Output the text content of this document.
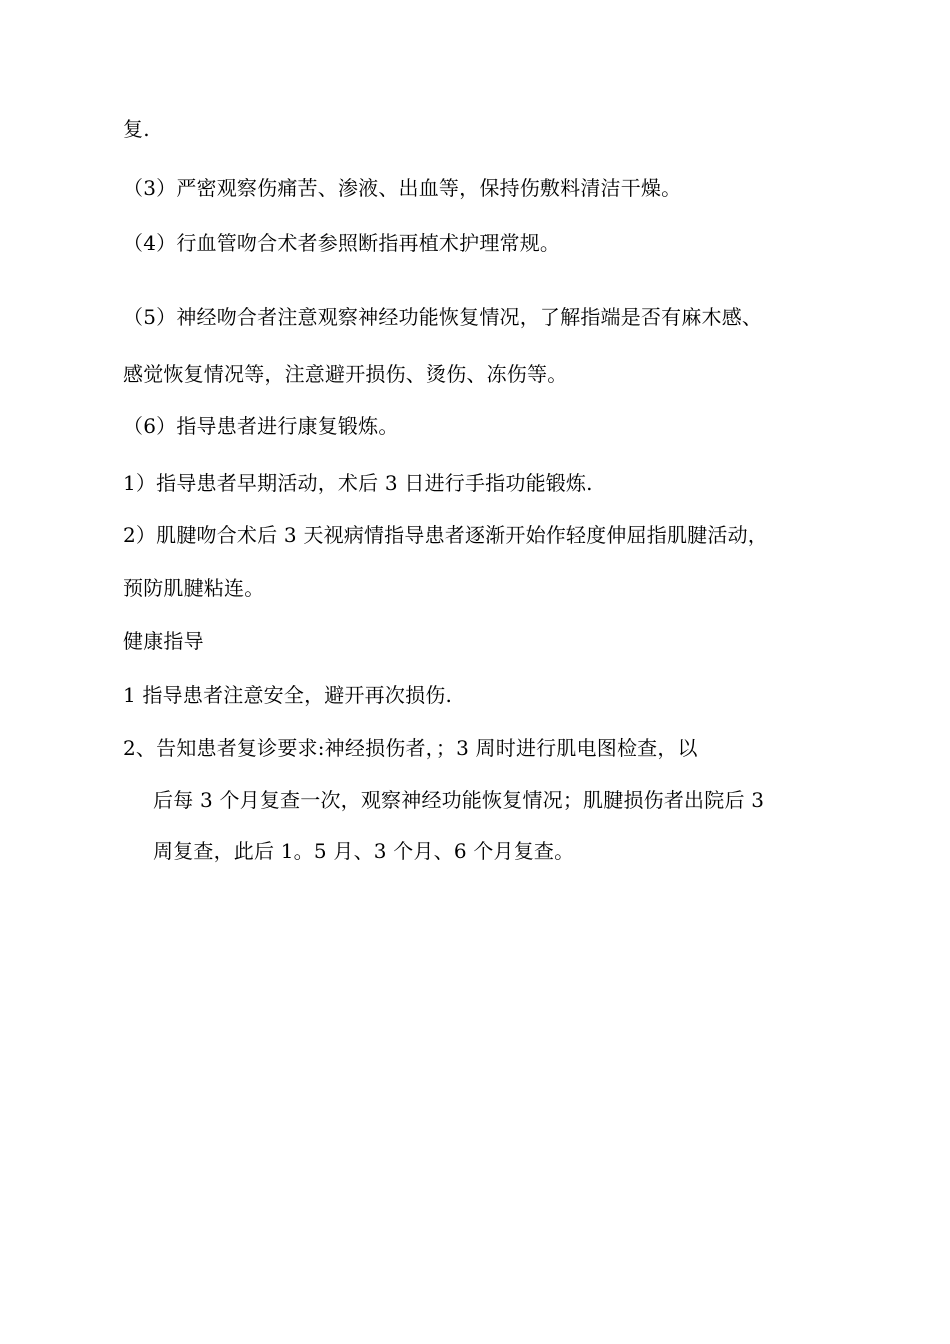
复.
（3）严密观察伤痛苦、渗液、出血等，保持伤敷料清洁干燥。
（4）行血管吻合术者参照断指再植术护理常规。
（5）神经吻合者注意观察神经功能恢复情况，了解指端是否有麻木感、
感觉恢复情况等，注意避开损伤、烫伤、冻伤等。
（6）指导患者进行康复锻炼。
1）指导患者早期活动，术后 3 日进行手指功能锻炼.
2）肌腱吻合术后 3 天视病情指导患者逐渐开始作轻度伸屈指肌腱活动，
预防肌腱粘连。
健康指导
1 指导患者注意安全，避开再次损伤.
2、告知患者复诊要求:神经损伤者，；3 周时进行肌电图检查，以
后每 3 个月复查一次，观察神经功能恢复情况；肌腱损伤者出院后 3
周复查，此后 1。5 月、3 个月、6 个月复查。
